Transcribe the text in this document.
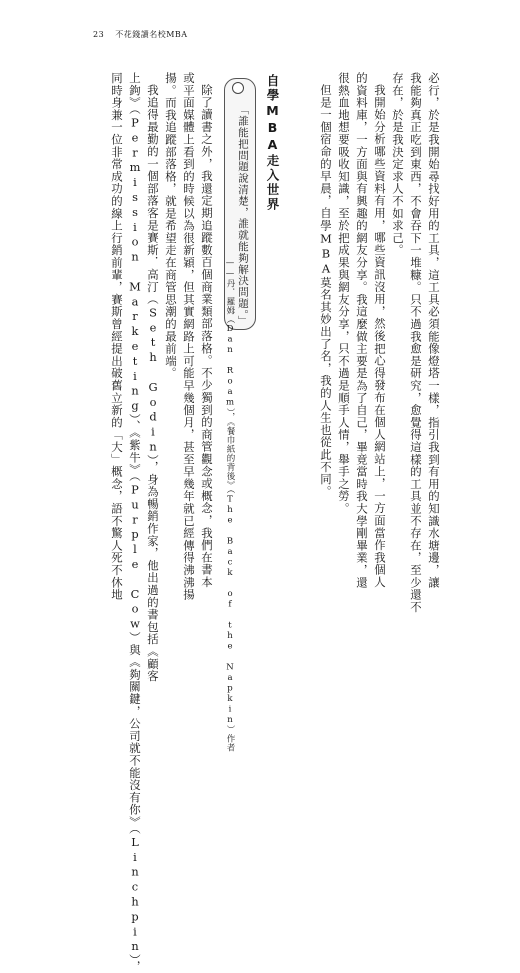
23 不花錢讀名校MBA
必行，於是我開始尋找好用的工具，這工具必須能像燈塔一樣，指引我到有用的知識水塘邊，讓
我能夠真正吃到東西，不會吞下一堆糠。只不過我愈是研究，愈覺得這樣的工具並不存在，至少還不
存在，於是我決定求人不如求己。
我開始分析哪些資料有用，哪些資訊沒用，然後把心得發布在個人網站上，一方面當作我個人
的資料庫，一方面與有興趣的網友分享。我這麼做主要是為了自己，畢竟當時我大學剛畢業，還
很熱血地想要吸收知識，至於把成果與網友分享，只不過是順手人情，舉手之勞。
但是一個宿命的早晨，自學MBA莫名其妙出了名，我的人生也從此不同。
自學MBA走入世界
「誰能把問題說清楚，誰就能夠解決問題。」
——丹．羅姆（Dan Roam），《餐巾紙的背後》（The Back of the Napkin）作者
除了讀書之外，我還定期追蹤數百個商業類部落格。不少獨到的商管觀念或概念，我們在書本
或平面媒體上看到的時候以為很新穎，但其實網路上可能早幾個月，甚至早幾年就已經傳得沸沸揚
揚。而我追蹤部落格，就是希望走在商管思潮的最前端。
我追得最勤的一個部落客是賽斯．高汀（Seth Godin），身為暢銷作家，他出過的書包括《顧客
上鉤》（Permission Marketing）、《紫牛》（Purple Cow）與《夠關鍵，公司就不能沒有你》（Linchpin），
同時身兼一位非常成功的線上行銷前輩，賽斯曾經提出破舊立新的「大」概念，語不驚人死不休地
